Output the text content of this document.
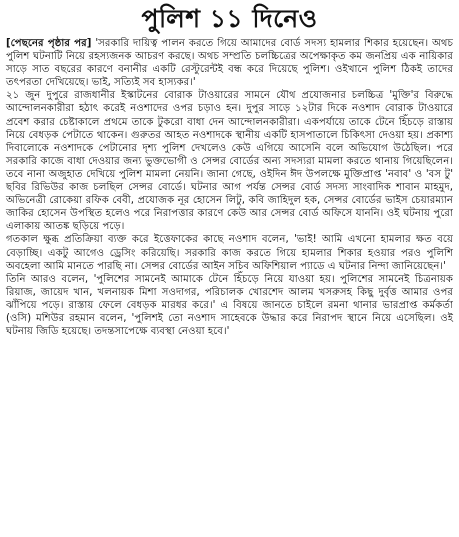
পুলিশ ১১ দিনেও

[পেছনের পৃষ্ঠার পর] 'সরকারি দায়িত্ব পালন করতে গিয়ে আমাদের বোর্ড সদস্য হামলার শিকার হয়েছেন। অথচ পুলিশ ঘটনাটি নিয়ে রহস্যজনক আচরণ করছে। অথচ সম্প্রতি চলচ্চিত্রের অপেক্ষাকৃত কম জনপ্রিয় এক নায়িকার সাড়ে সাত বছরের কারণে বনানীর একটি রেস্টুরেন্টই বন্ধ করে দিয়েছে পুলিশ। ওইখানে পুলিশ ঠিকই তাদের তৎপরতা দেখিয়েছে। ভাই, সত্যিই সব হাস্যকর।'

২১ জুন দুপুরে রাজধানীর ইস্কাটনের বোরাক টাওয়ারের সামনে যৌথ প্রযোজনার চলচ্চিত্র 'মুক্তি'র বিরুদ্ধে আন্দোলনকারীরা হঠাৎ করেই নওশাদের ওপর চড়াও হন। দুপুর সাড়ে ১২টার দিকে নওশাদ বোরাক টাওয়ারে প্রবেশ করার চেষ্টাকালে প্রথমে তাকে টুকরো বাধা দেন আন্দোলনকারীরা। একপর্যায়ে তাকে টেনে হিঁচড়ে রাস্তায় নিয়ে বেধড়ক পেটাতে থাকেন। গুরুতর আহত নওশাদকে স্থানীয় একটি হাসপাতালে চিকিৎসা দেওয়া হয়। প্রকাশ্য দিবালোকে নওশাদকে পেটানোর দৃশ্য পুলিশ দেখলেও কেউ এগিয়ে আসেনি বলে অভিযোগ উঠেছিল। পরে সরকারি কাজে বাধা দেওয়ার জন্য ভুক্তভোগী ও সেন্সর বোর্ডের অন্য সদস্যরা মামলা করতে থানায় গিয়েছিলেন। তবে নানা অজুহাত দেখিয়ে পুলিশ মামলা নেয়নি। জানা গেছে, ওইদিন ঈদ উপলক্ষে মুক্তিপ্রাপ্ত 'নবাব' ও 'বস টু' ছবির রিভিউর কাজ চলছিল সেন্সর বোর্ডে। ঘটনার আগ পর্যন্ত সেন্সর বোর্ড সদস্য সাংবাদিক শাবান মাহমুদ, অভিনেত্রী রোকেয়া রফিক বেবী, প্রযোজক নূর হোসেন লিটু, কবি জাহিদুল হক, সেন্সর বোর্ডের ভাইস চেয়ারম্যান জাকির হোসেন উপস্থিত হলেও পরে নিরাপত্তার কারণে কেউ আর সেন্সর বোর্ড অফিসে যাননি। ওই ঘটনায় পুরো এলাকায় আতঙ্ক ছড়িয়ে পড়ে।

গতকাল ক্ষুব্ধ প্রতিক্রিয়া ব্যক্ত করে ইত্তেফাকের কাছে নওশাদ বলেন, 'ভাই! আমি এখনো হামলার ক্ষত বয়ে বেড়াচ্ছি। একটু আগেও ড্রেসিং করিয়েছি। সরকারি কাজ করতে গিয়ে হামলার শিকার হওয়ার পরও পুলিশি অবহেলা আমি মানতে পারছি না। সেন্সর বোর্ডের আইন সচিব অফিশিয়াল প্যাডে এ ঘটনার নিন্দা জানিয়েছেন।'

তিনি আরও বলেন, 'পুলিশের সামনেই আমাকে টেনে হিঁচড়ে নিয়ে যাওয়া হয়। পুলিশের সামনেই চিত্রনায়ক রিয়াজ, জায়েদ খান, খলনায়ক মিশা সওদাগর, পরিচালক খোরশেদ আলম খসরুসহ কিছু দুর্বৃত্ত আমার ওপর ঝাঁপিয়ে পড়ে। রাস্তায় ফেলে বেধড়ক মারধর করে।' এ বিষয়ে জানতে চাইলে রমনা থানার ভারপ্রাপ্ত কর্মকর্তা (ওসি) মশিউর রহমান বলেন, 'পুলিশই তো নওশাদ সাহেবকে উদ্ধার করে নিরাপদ স্থানে নিয়ে এসেছিল। ওই ঘটনায় জিডি হয়েছে। তদন্তসাপেক্ষে ব্যবস্থা নেওয়া হবে।'
